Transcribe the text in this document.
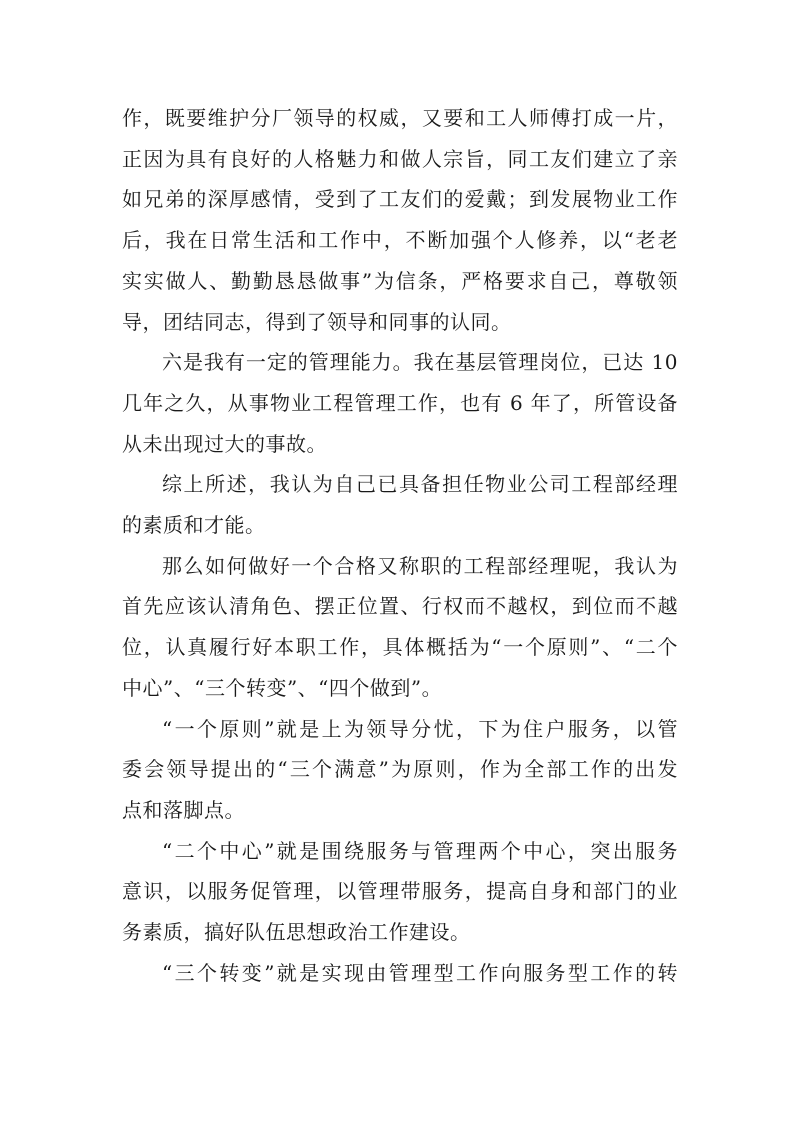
作，既要维护分厂领导的权威，又要和工人师傅打成一片，
正因为具有良好的人格魅力和做人宗旨，同工友们建立了亲
如兄弟的深厚感情，受到了工友们的爱戴；到发展物业工作
后，我在日常生活和工作中，不断加强个人修养，以“老老
实实做人、勤勤恳恳做事”为信条，严格要求自己，尊敬领
导，团结同志，得到了领导和同事的认同。

六是我有一定的管理能力。我在基层管理岗位，已达 10
几年之久，从事物业工程管理工作，也有 6 年了，所管设备
从未出现过大的事故。

综上所述，我认为自己已具备担任物业公司工程部经理
的素质和才能。

那么如何做好一个合格又称职的工程部经理呢，我认为
首先应该认清角色、摆正位置、行权而不越权，到位而不越
位，认真履行好本职工作，具体概括为“一个原则”、“二个
中心”、“三个转变”、“四个做到”。

“一个原则”就是上为领导分忧，下为住户服务，以管
委会领导提出的“三个满意”为原则，作为全部工作的出发
点和落脚点。

“二个中心”就是围绕服务与管理两个中心，突出服务
意识，以服务促管理，以管理带服务，提高自身和部门的业
务素质，搞好队伍思想政治工作建设。

“三个转变”就是实现由管理型工作向服务型工作的转
